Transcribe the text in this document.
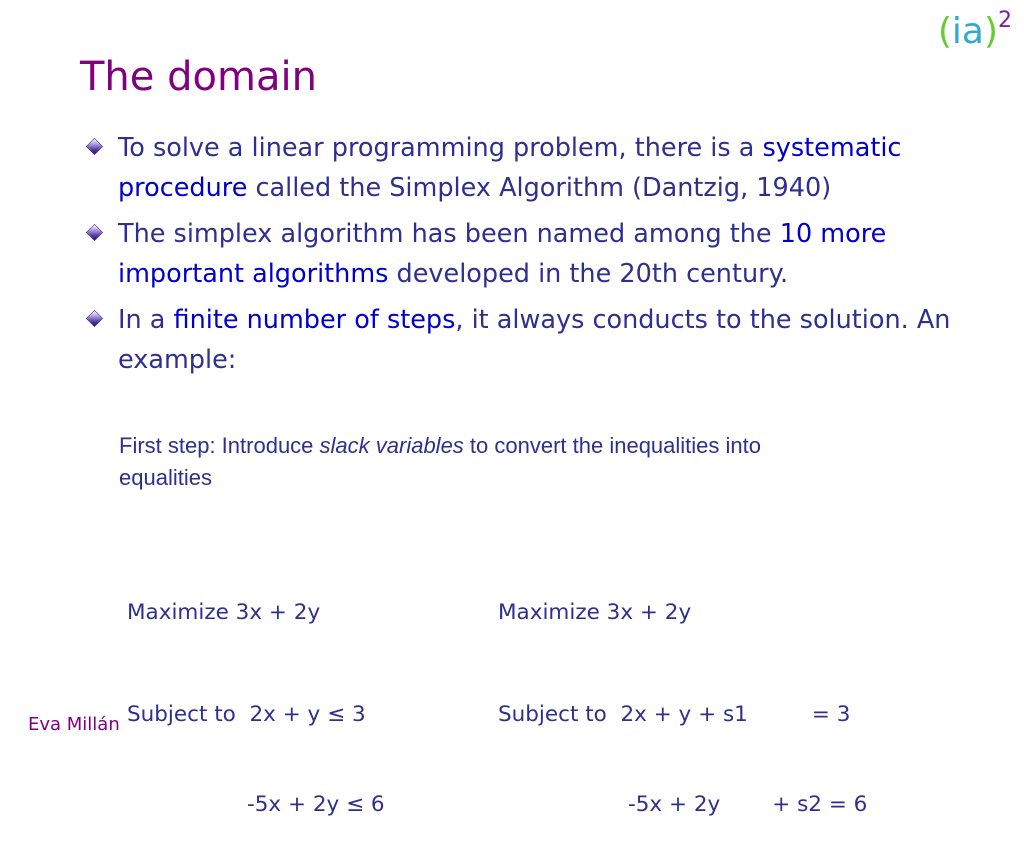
(ia)$^2$
The domain
To solve a linear programming problem, there is a systematic procedure called the Simplex Algorithm (Dantzig, 1940)
The simplex algorithm has been named among the 10 more important algorithms developed in the 20th century.
In a finite number of steps, it always conducts to the solution. An example:
First step: Introduce slack variables to convert the inequalities into equalities

Maximize 3x + 2y

Subject to  2x + y ≤ 3

-5x + 2y ≤ 6

Maximize 3x + 2y

Subject to  2x + y + s1	= 3

-5x + 2y + s2 = 6

Eva Millán
